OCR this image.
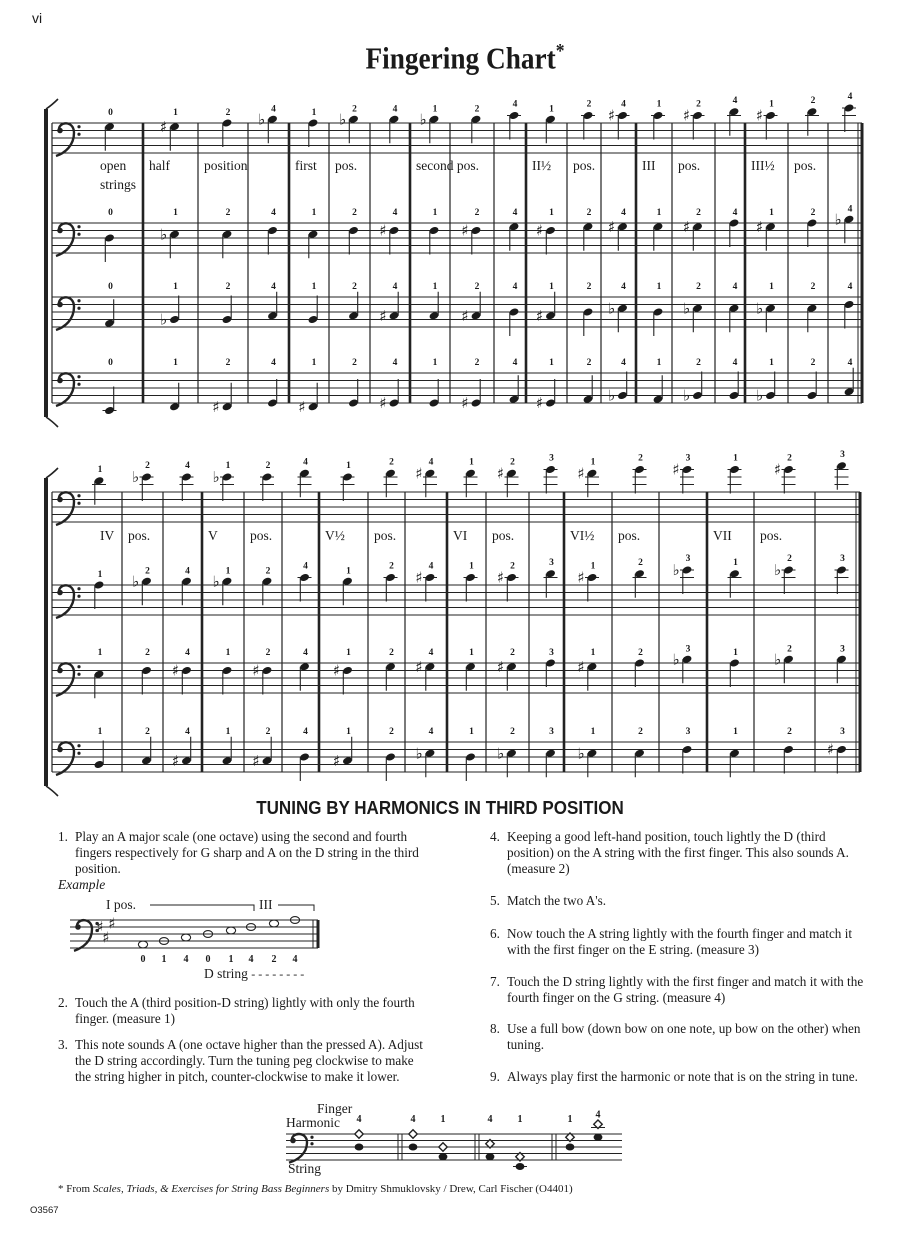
vi
Fingering Chart*
open
strings
half	position	first pos.	second pos.	II½ pos.	III pos.	III½ pos.
0
♯
1	2 ♭
4	1 ♭
2	4
♭
1	2	4	1	2
♯
4	1
♯
2	4
♯
1	2	4
0
♭
1	2	4	1	2
♯
4	1
♯
2	4
♯
1	2
♯
4	1
♯
2	4
♯
1	2 ♭
4
0
♭
1	2	4	1	2
♯
4	1
♯
2	4
♯
1	2
♭
4	1
♭
2	4
♭
1	2	4
0	1
♯
2	4
♯
1	2
♯
4	1
♯
2	4
♯
1	2
♭
4	1
♭
2	4
♭
1	2	4
IV pos.	V pos.	V½ pos.	VI pos.	VI½ pos.	VII pos.
1 ♭
2	4
♭
1	2	4	1	2
♯
4	1
♯
2	3
♯
1	2
♯
3	1
♯
2	3
1 ♭
2	4
♭
1	2	4	1	2
♯
4	1
♯
2	3
♯
1	2 ♭
3	1 ♭
2	3
1	2
♯
4	1
♯
2	4
♯
1	2
♯
4	1
♯
2	3
♯
1	2 ♭
3	1 ♭
2	3
1	2
♯
4	1
♯
2	4
♯
1	2
♭
4	1
♭
2	3
♭
1	2	3	1	2
♯
3
♯
♯
♯
0 1 4 0 1 4 2 4
4	4	1	4	1	1 4
TUNING BY HARMONICS IN THIRD POSITION
1. Play an A major scale (one octave) using the second and fourth fingers respectively for G sharp and A on the D string in the third position.
2. Touch the A (third position-D string) lightly with only the fourth finger. (measure 1)
3. This note sounds A (one octave higher than the pressed A). Adjust the D string accordingly. Turn the tuning peg clockwise to make the string higher in pitch, counter-clockwise to make it lower.
4. Keeping a good left-hand position, touch lightly the D (third position) on the A string with the first finger. This also sounds A. (measure 2)
5. Match the two A's.
6. Now touch the A string lightly with the fourth finger and match it with the first finger on the E string. (measure 3)
7. Touch the D string lightly with the first finger and match it with the fourth finger on the G string. (measure 4)
8. Use a full bow (down bow on one note, up bow on the other) when tuning.
9. Always play first the harmonic or note that is on the string in tune.
Example
I pos.	III
D string - - - - - - - -
Finger
Harmonic
String
* From Scales, Triads, & Exercises for String Bass Beginners by Dmitry Shmuklovsky / Drew, Carl Fischer (O4401)
O3567
